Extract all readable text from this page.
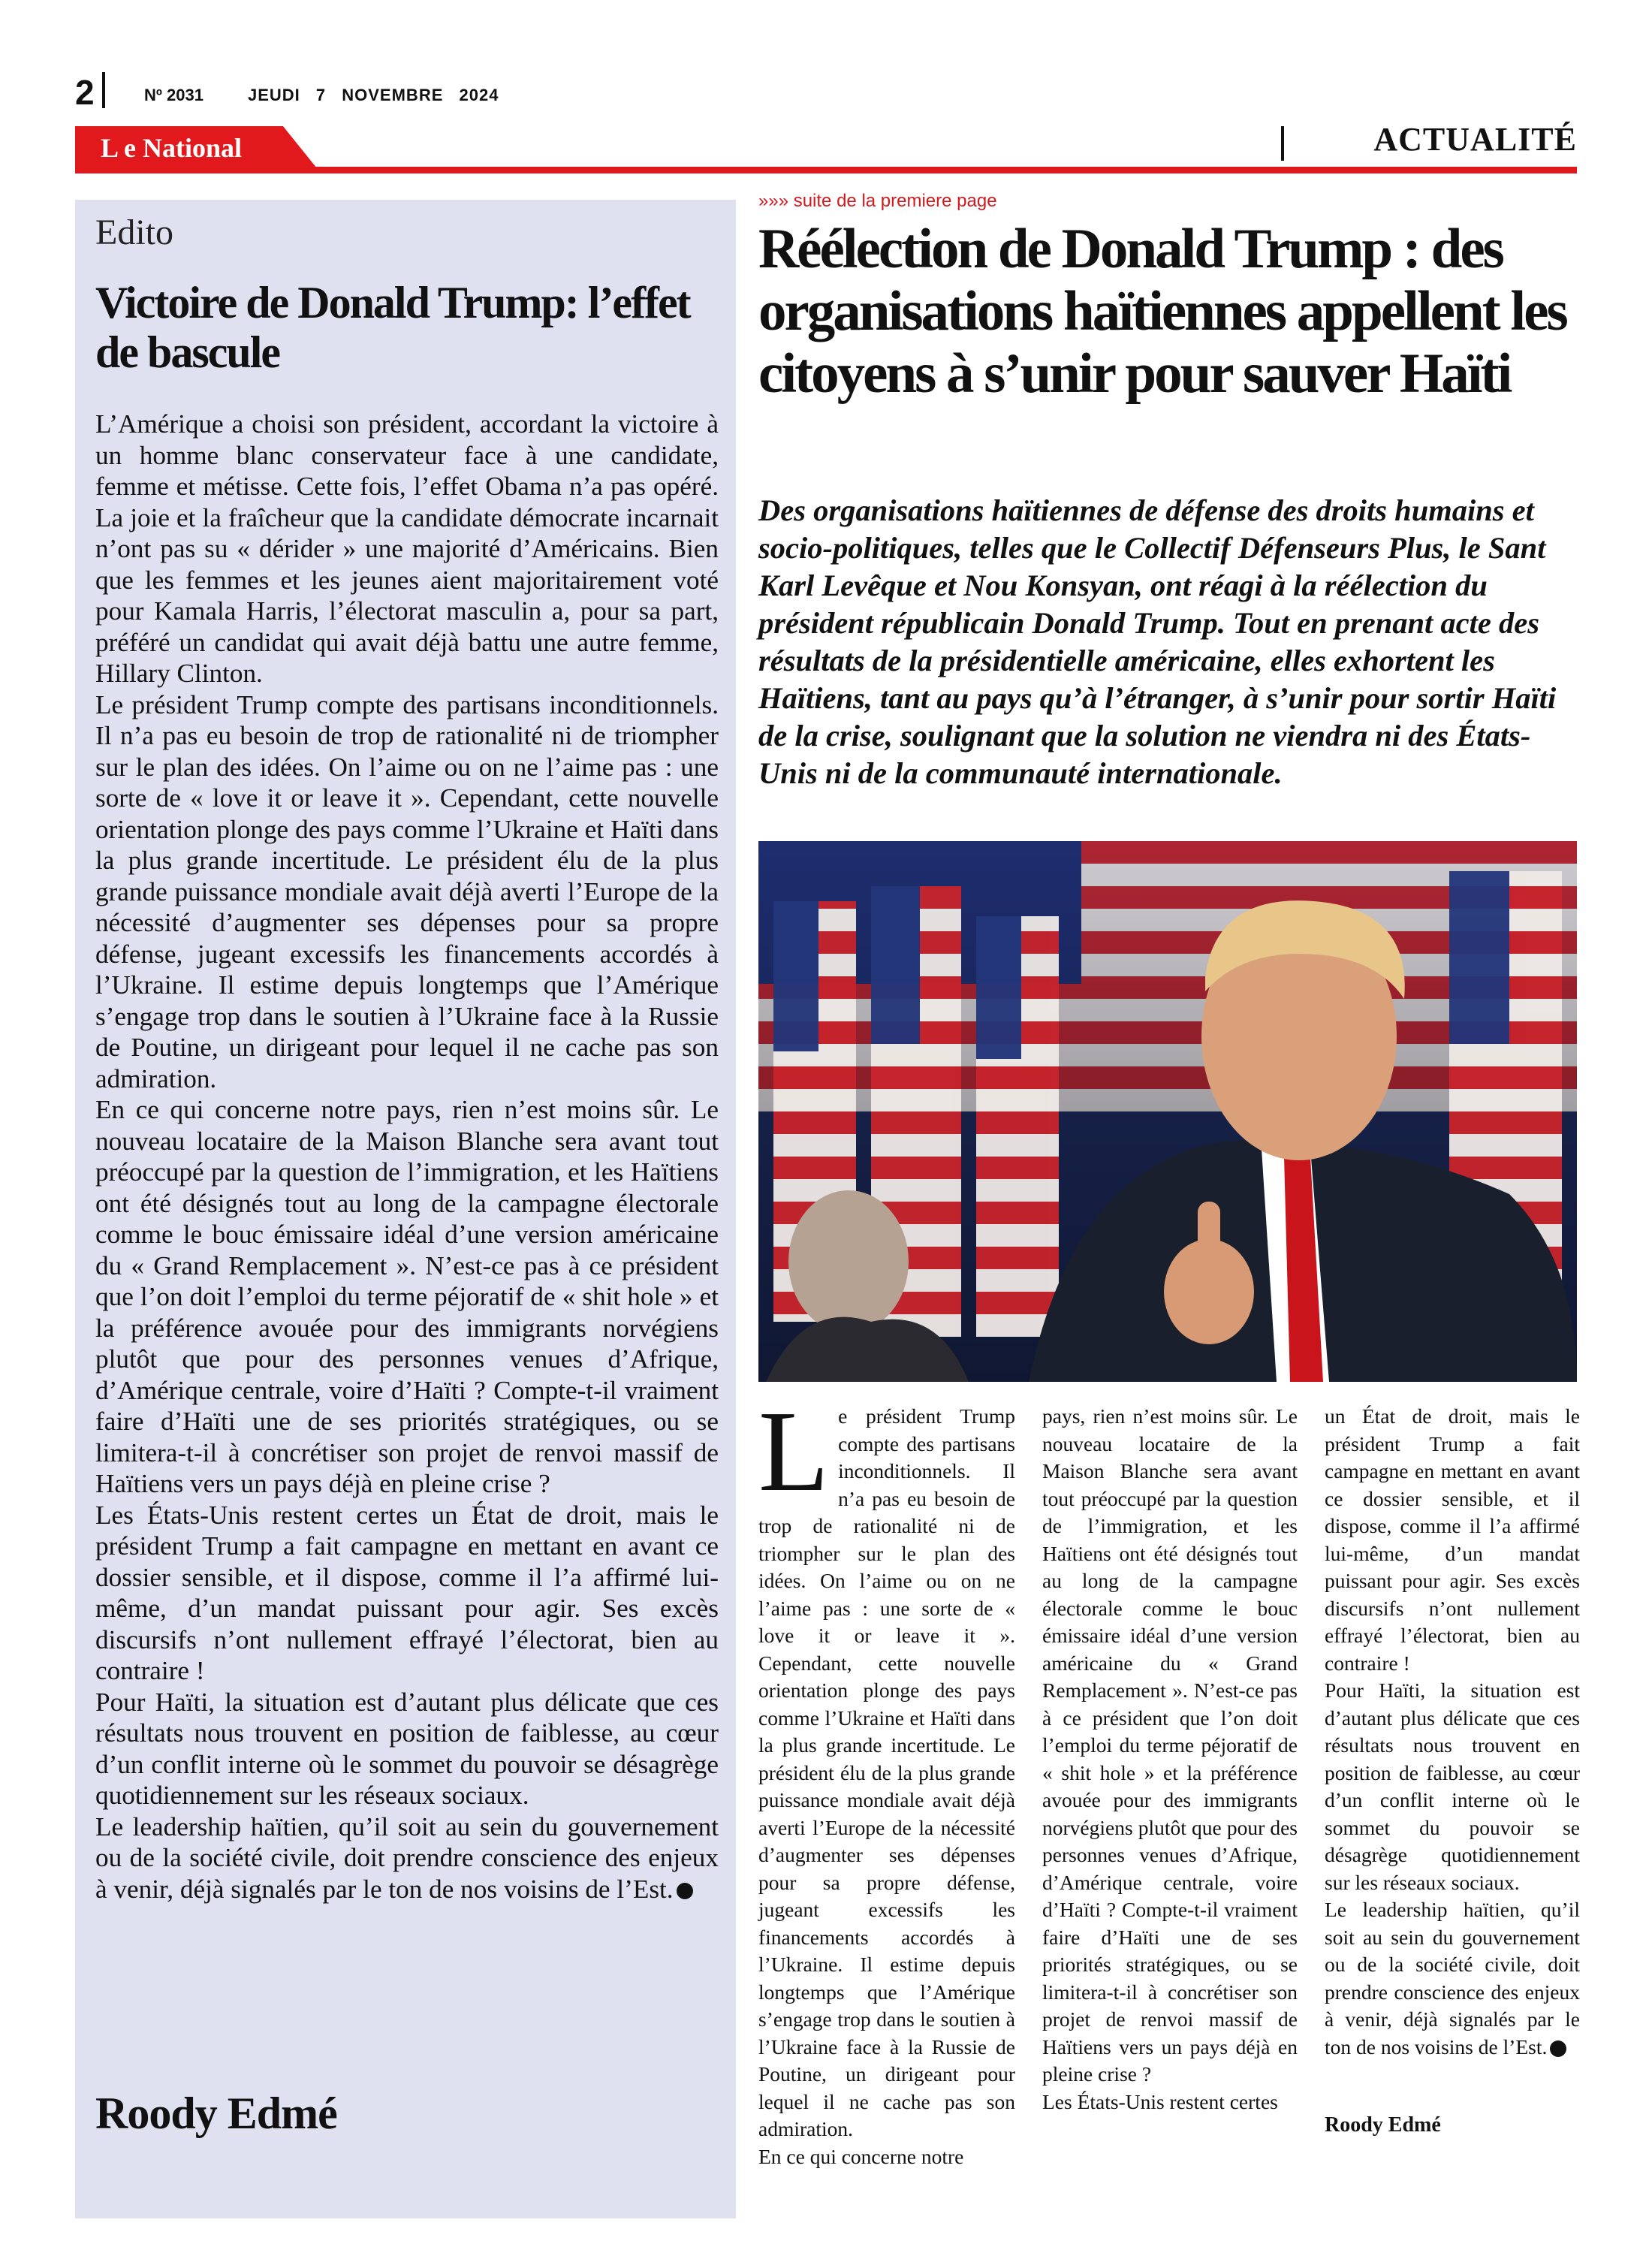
2	Nº 2031	JEUDI 7 NOVEMBRE 2024
L e National	ACTUALITÉ
Edito
Victoire de Donald Trump: l’effet de bascule

L’Amérique a choisi son président, accordant la victoire à un homme blanc conservateur face à une candidate, femme et métisse. Cette fois, l’effet Obama n’a pas opéré. La joie et la fraîcheur que la candidate démocrate incarnait n’ont pas su « dérider » une majorité d’Américains. Bien que les femmes et les jeunes aient majoritairement voté pour Kamala Harris, l’électorat masculin a, pour sa part, préféré un candidat qui avait déjà battu une autre femme, Hillary Clinton.

Le président Trump compte des partisans inconditionnels. Il n’a pas eu besoin de trop de rationalité ni de triompher sur le plan des idées. On l’aime ou on ne l’aime pas : une sorte de « love it or leave it ». Cependant, cette nouvelle orientation plonge des pays comme l’Ukraine et Haïti dans la plus grande incertitude. Le président élu de la plus grande puissance mondiale avait déjà averti l’Europe de la nécessité d’augmenter ses dépenses pour sa propre défense, jugeant excessifs les financements accordés à l’Ukraine. Il estime depuis longtemps que l’Amérique s’engage trop dans le soutien à l’Ukraine face à la Russie de Poutine, un dirigeant pour lequel il ne cache pas son admiration.

En ce qui concerne notre pays, rien n’est moins sûr. Le nouveau locataire de la Maison Blanche sera avant tout préoccupé par la question de l’immigration, et les Haïtiens ont été désignés tout au long de la campagne électorale comme le bouc émissaire idéal d’une version américaine du « Grand Remplacement ». N’est-ce pas à ce président que l’on doit l’emploi du terme péjoratif de « shit hole » et la préférence avouée pour des immigrants norvégiens plutôt que pour des personnes venues d’Afrique, d’Amérique centrale, voire d’Haïti ? Compte-t-il vraiment faire d’Haïti une de ses priorités stratégiques, ou se limitera-t-il à concrétiser son projet de renvoi massif de Haïtiens vers un pays déjà en pleine crise ?

Les États-Unis restent certes un État de droit, mais le président Trump a fait campagne en mettant en avant ce dossier sensible, et il dispose, comme il l’a affirmé lui-même, d’un mandat puissant pour agir. Ses excès discursifs n’ont nullement effrayé l’électorat, bien au contraire !

Pour Haïti, la situation est d’autant plus délicate que ces résultats nous trouvent en position de faiblesse, au cœur d’un conflit interne où le sommet du pouvoir se désagrège quotidiennement sur les réseaux sociaux.

Le leadership haïtien, qu’il soit au sein du gouvernement ou de la société civile, doit prendre conscience des enjeux à venir, déjà signalés par le ton de nos voisins de l’Est.

Roody Edmé
»»» suite de la premiere page
Réélection de Donald Trump : des organisations haïtiennes appellent les citoyens à s’unir pour sauver Haïti
Des organisations haïtiennes de défense des droits humains et socio-politiques, telles que le Collectif Défenseurs Plus, le Sant Karl Levêque et Nou Konsyan, ont réagi à la réélection du président républicain Donald Trump. Tout en prenant acte des résultats de la présidentielle américaine, elles exhortent les Haïtiens, tant au pays qu’à l’étranger, à s’unir pour sortir Haïti de la crise, soulignant que la solution ne viendra ni des États-Unis ni de la communauté internationale.
L e président Trump compte des partisans inconditionnels. Il n’a pas eu besoin de trop de rationalité ni de triompher sur le plan des idées. On l’aime ou on ne l’aime pas : une sorte de « love it or leave it ». Cependant, cette nouvelle orientation plonge des pays comme l’Ukraine et Haïti dans la plus grande incertitude. Le président élu de la plus grande puissance mondiale avait déjà averti l’Europe de la nécessité d’augmenter ses dépenses pour sa propre défense, jugeant excessifs les financements accordés à l’Ukraine. Il estime depuis longtemps que l’Amérique s’engage trop dans le soutien à l’Ukraine face à la Russie de Poutine, un dirigeant pour lequel il ne cache pas son admiration.

En ce qui concerne notre

pays, rien n’est moins sûr. Le nouveau locataire de la Maison Blanche sera avant tout préoccupé par la question de l’immigration, et les Haïtiens ont été désignés tout au long de la campagne électorale comme le bouc émissaire idéal d’une version américaine du « Grand Remplacement ». N’est-ce pas à ce président que l’on doit l’emploi du terme péjoratif de « shit hole » et la préférence avouée pour des immigrants norvégiens plutôt que pour des personnes venues d’Afrique, d’Amérique centrale, voire d’Haïti ? Compte-t-il vraiment faire d’Haïti une de ses priorités stratégiques, ou se limitera-t-il à concrétiser son projet de renvoi massif de Haïtiens vers un pays déjà en pleine crise ?

Les États-Unis restent certes

un État de droit, mais le président Trump a fait campagne en mettant en avant ce dossier sensible, et il dispose, comme il l’a affirmé lui-même, d’un mandat puissant pour agir. Ses excès discursifs n’ont nullement effrayé l’électorat, bien au contraire !

Pour Haïti, la situation est d’autant plus délicate que ces résultats nous trouvent en position de faiblesse, au cœur d’un conflit interne où le sommet du pouvoir se désagrège quotidiennement sur les réseaux sociaux.

Le leadership haïtien, qu’il soit au sein du gouvernement ou de la société civile, doit prendre conscience des enjeux à venir, déjà signalés par le ton de nos voisins de l’Est.

Roody Edmé
